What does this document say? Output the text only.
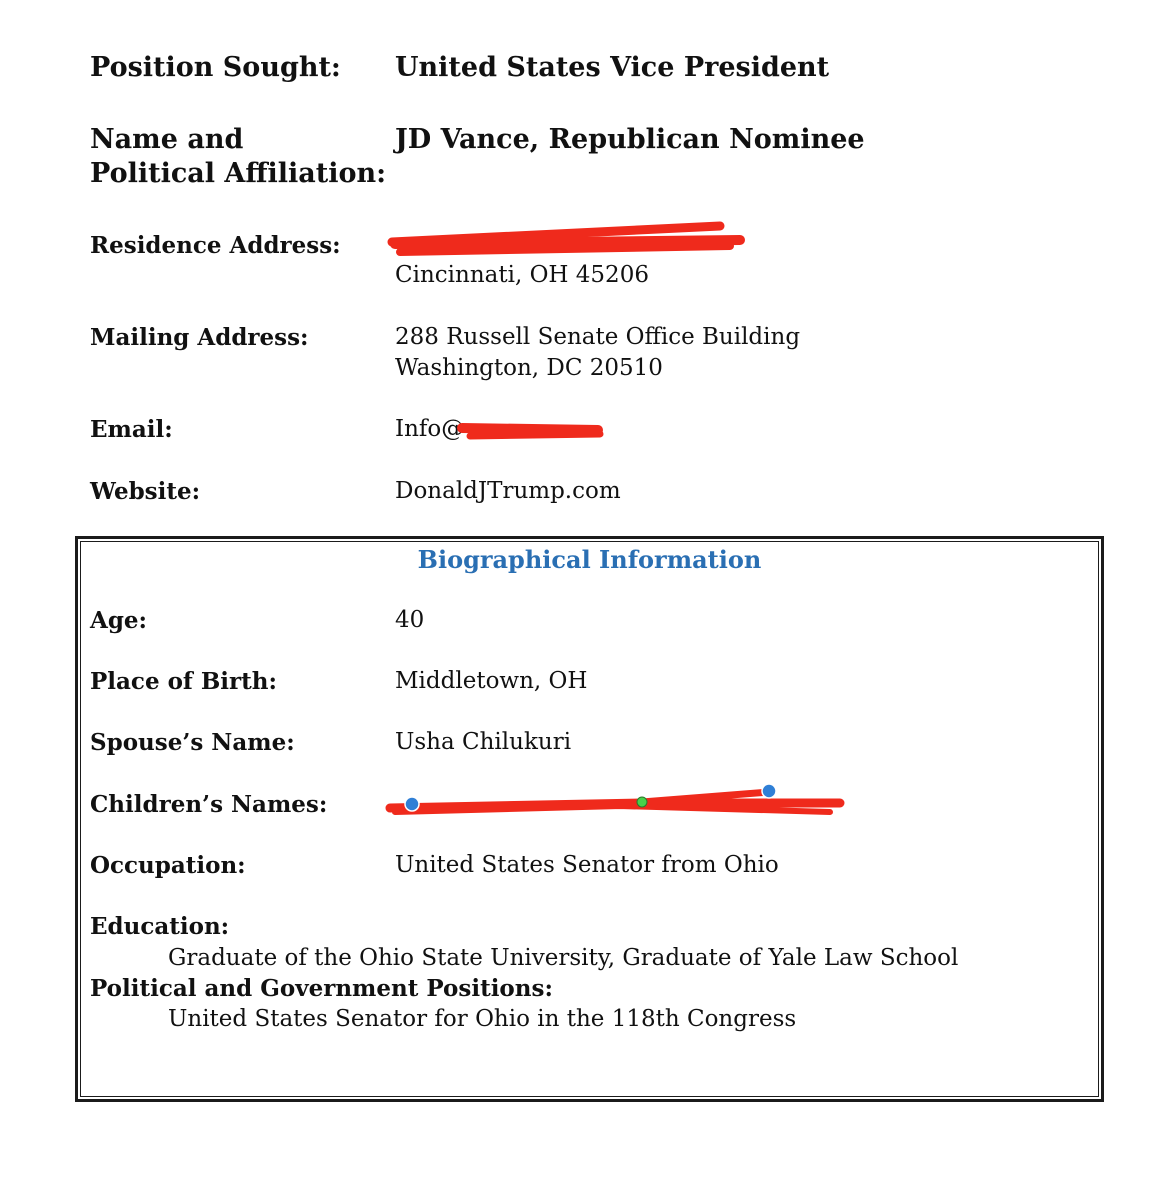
Position Sought: United States Vice President
Name and
Political Affiliation:
JD Vance, Republican Nominee
Residence Address:
Cincinnati, OH 45206
Mailing Address:	288 Russell Senate Office Building
Washington, DC 20510
Email:	Info@
Website:	DonaldJTrump.com
Biographical Information
Age:	40
Place of Birth:	Middletown, OH
Spouse’s Name:	Usha Chilukuri
Children’s Names:
Occupation:	United States Senator from Ohio
Education:
Graduate of the Ohio State University, Graduate of Yale Law School
Political and Government Positions:
United States Senator for Ohio in the 118th Congress
